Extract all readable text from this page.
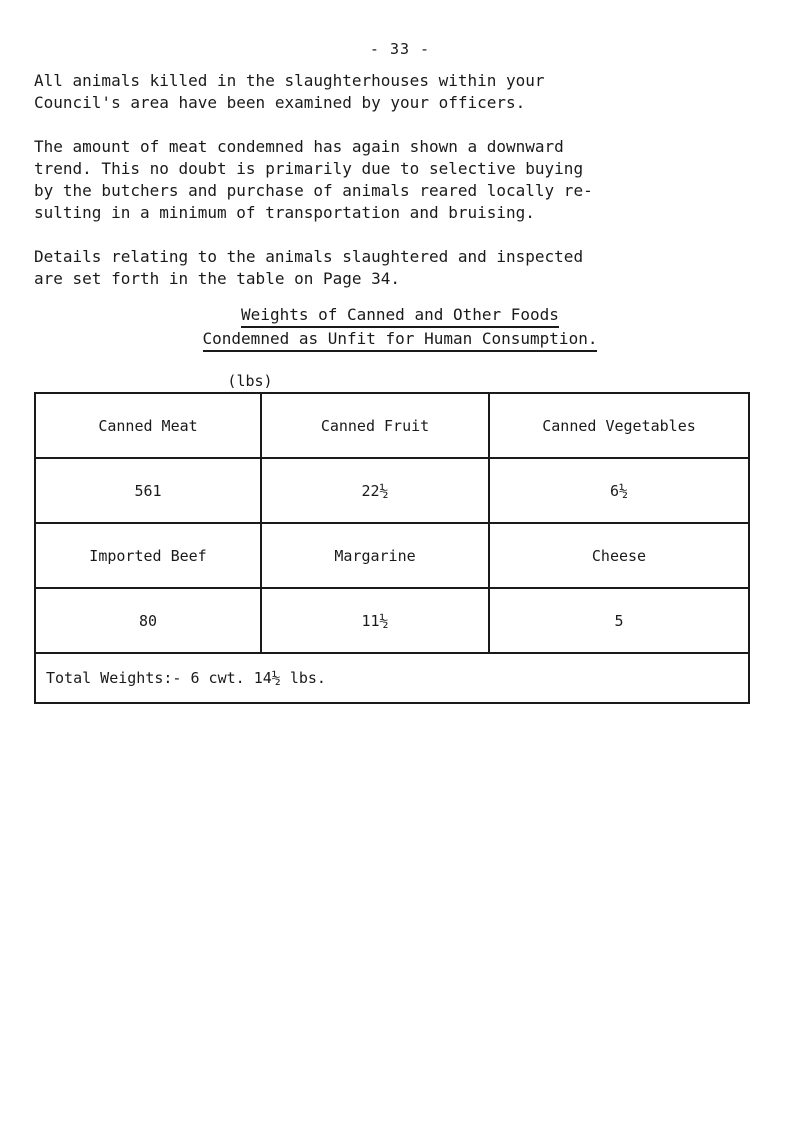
- 33 -

All animals killed in the slaughterhouses within your
Council's area have been examined by your officers.

The amount of meat condemned has again shown a downward
trend. This no doubt is primarily due to selective buying
by the butchers and purchase of animals reared locally re-
sulting in a minimum of transportation and bruising.

Details relating to the animals slaughtered and inspected
are set forth in the table on Page 34.

Weights of Canned and Other Foods
Condemned as Unfit for Human Consumption.
(lbs)
Canned Meat	Canned Fruit	Canned Vegetables
561	22½	6½
Imported Beef	Margarine	Cheese
80	11½	5
Total Weights:- 6 cwt. 14½ lbs.		
